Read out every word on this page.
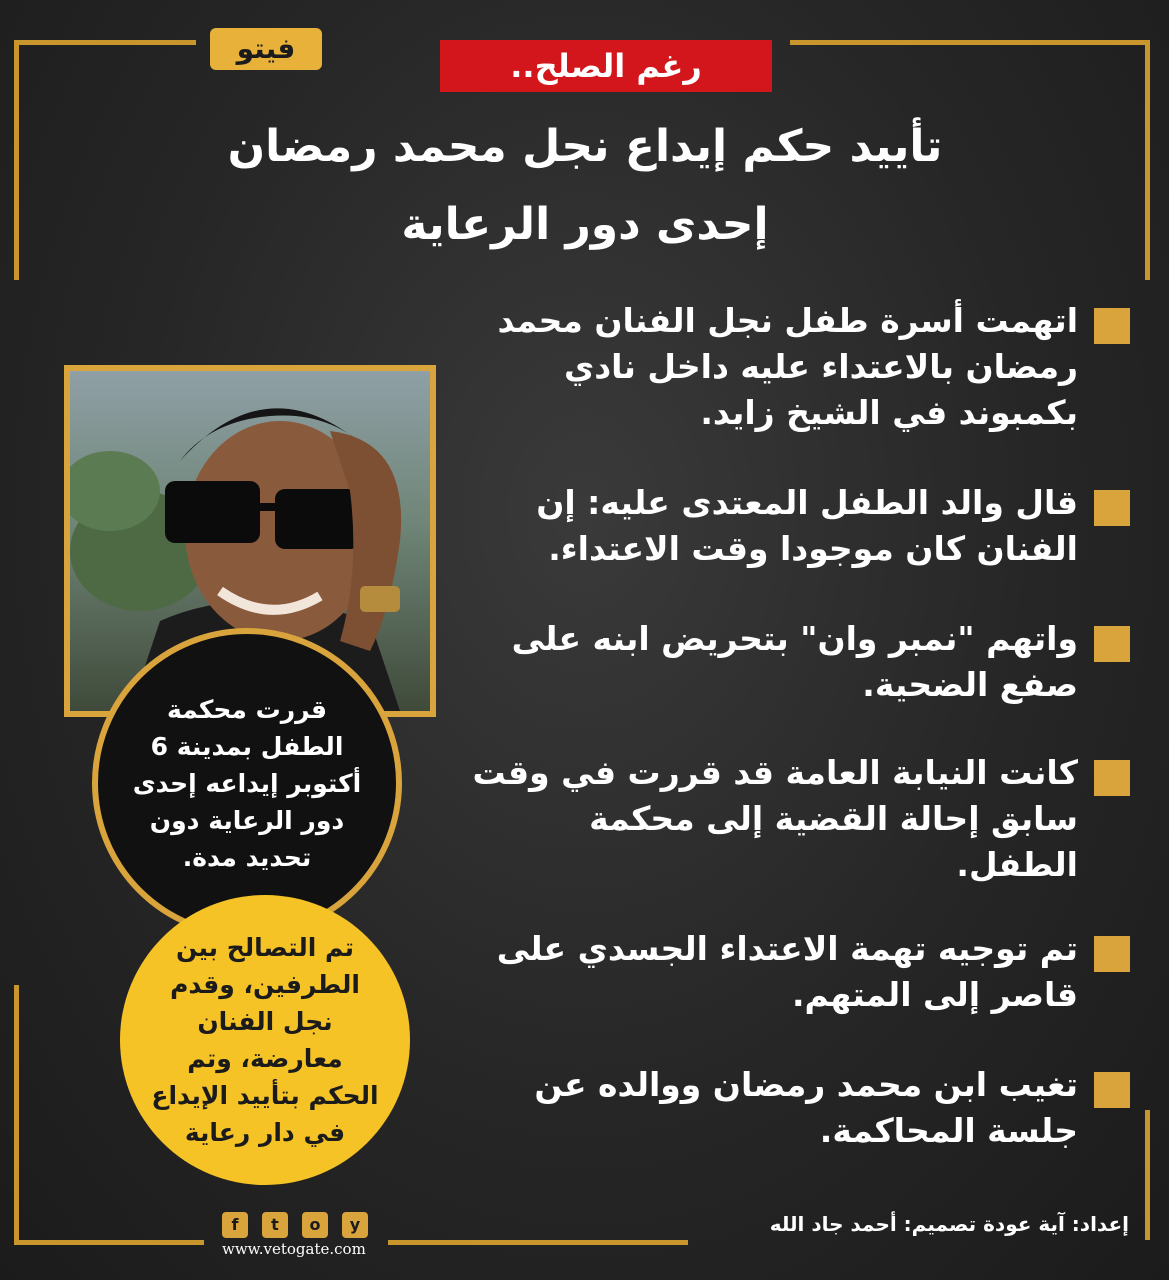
فيتو	رغم الصلح..
تأييد حكم إيداع نجل محمد رمضان
إحدى دور الرعاية
اتهمت أسرة طفل نجل الفنان محمد رمضان بالاعتداء عليه داخل نادي بكمبوند في الشيخ زايد.
قال والد الطفل المعتدى عليه: إن الفنان كان موجودا وقت الاعتداء.
واتهم "نمبر وان" بتحريض ابنه على صفع الضحية.
كانت النيابة العامة قد قررت في وقت سابق إحالة القضية إلى محكمة الطفل.
تم توجيه تهمة الاعتداء الجسدي على قاصر إلى المتهم.
تغيب ابن محمد رمضان ووالده عن جلسة المحاكمة.
قررت محكمة الطفل بمدينة 6 أكتوبر إيداعه إحدى دور الرعاية دون تحديد مدة.
تم التصالح بين الطرفين، وقدم نجل الفنان معارضة، وتم الحكم بتأييد الإيداع في دار رعاية
إعداد: آية عودة تصميم: أحمد جاد الله
f	t	o	y
www.vetogate.com
